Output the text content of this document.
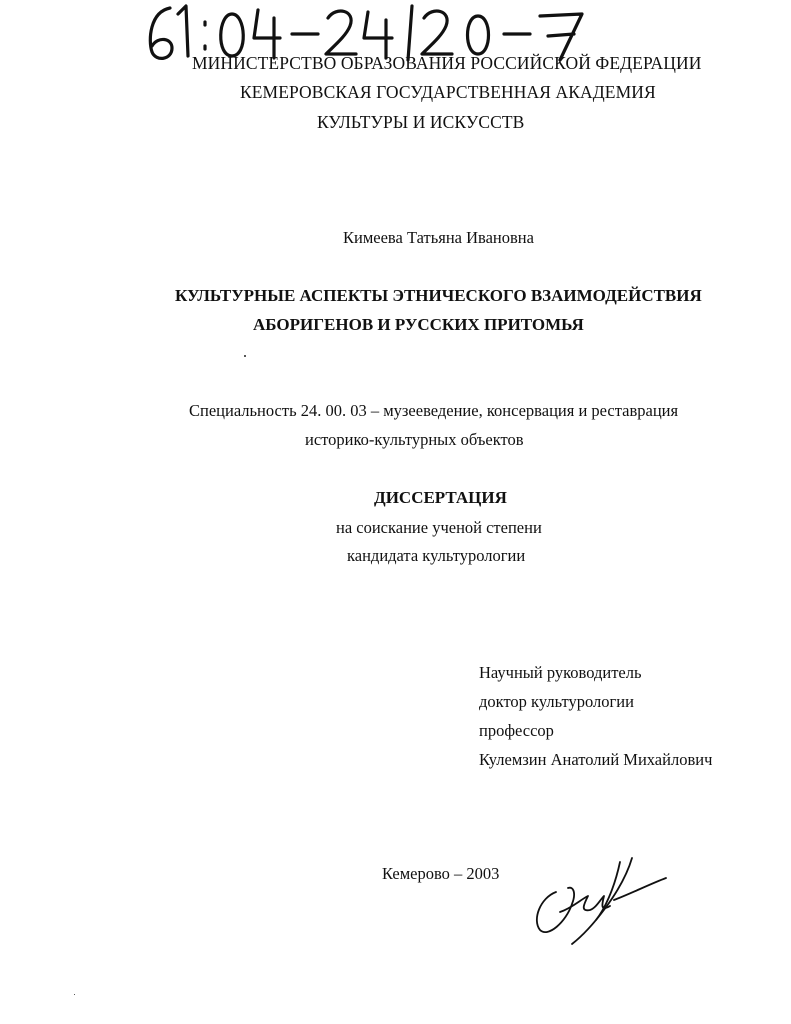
МИНИСТЕРСТВО ОБРАЗОВАНИЯ РОССИЙСКОЙ ФЕДЕРАЦИИ
КЕМЕРОВСКАЯ ГОСУДАРСТВЕННАЯ АКАДЕМИЯ
КУЛЬТУРЫ И ИСКУССТВ
Кимеева Татьяна Ивановна
КУЛЬТУРНЫЕ АСПЕКТЫ ЭТНИЧЕСКОГО ВЗАИМОДЕЙСТВИЯ
АБОРИГЕНОВ И РУССКИХ ПРИТОМЬЯ
Специальность 24. 00. 03 – музееведение, консервация и реставрация
историко-культурных объектов
ДИССЕРТАЦИЯ
на соискание ученой степени
кандидата культурологии
Научный руководитель
доктор культурологии
профессор
Кулемзин Анатолий Михайлович
Кемерово – 2003
